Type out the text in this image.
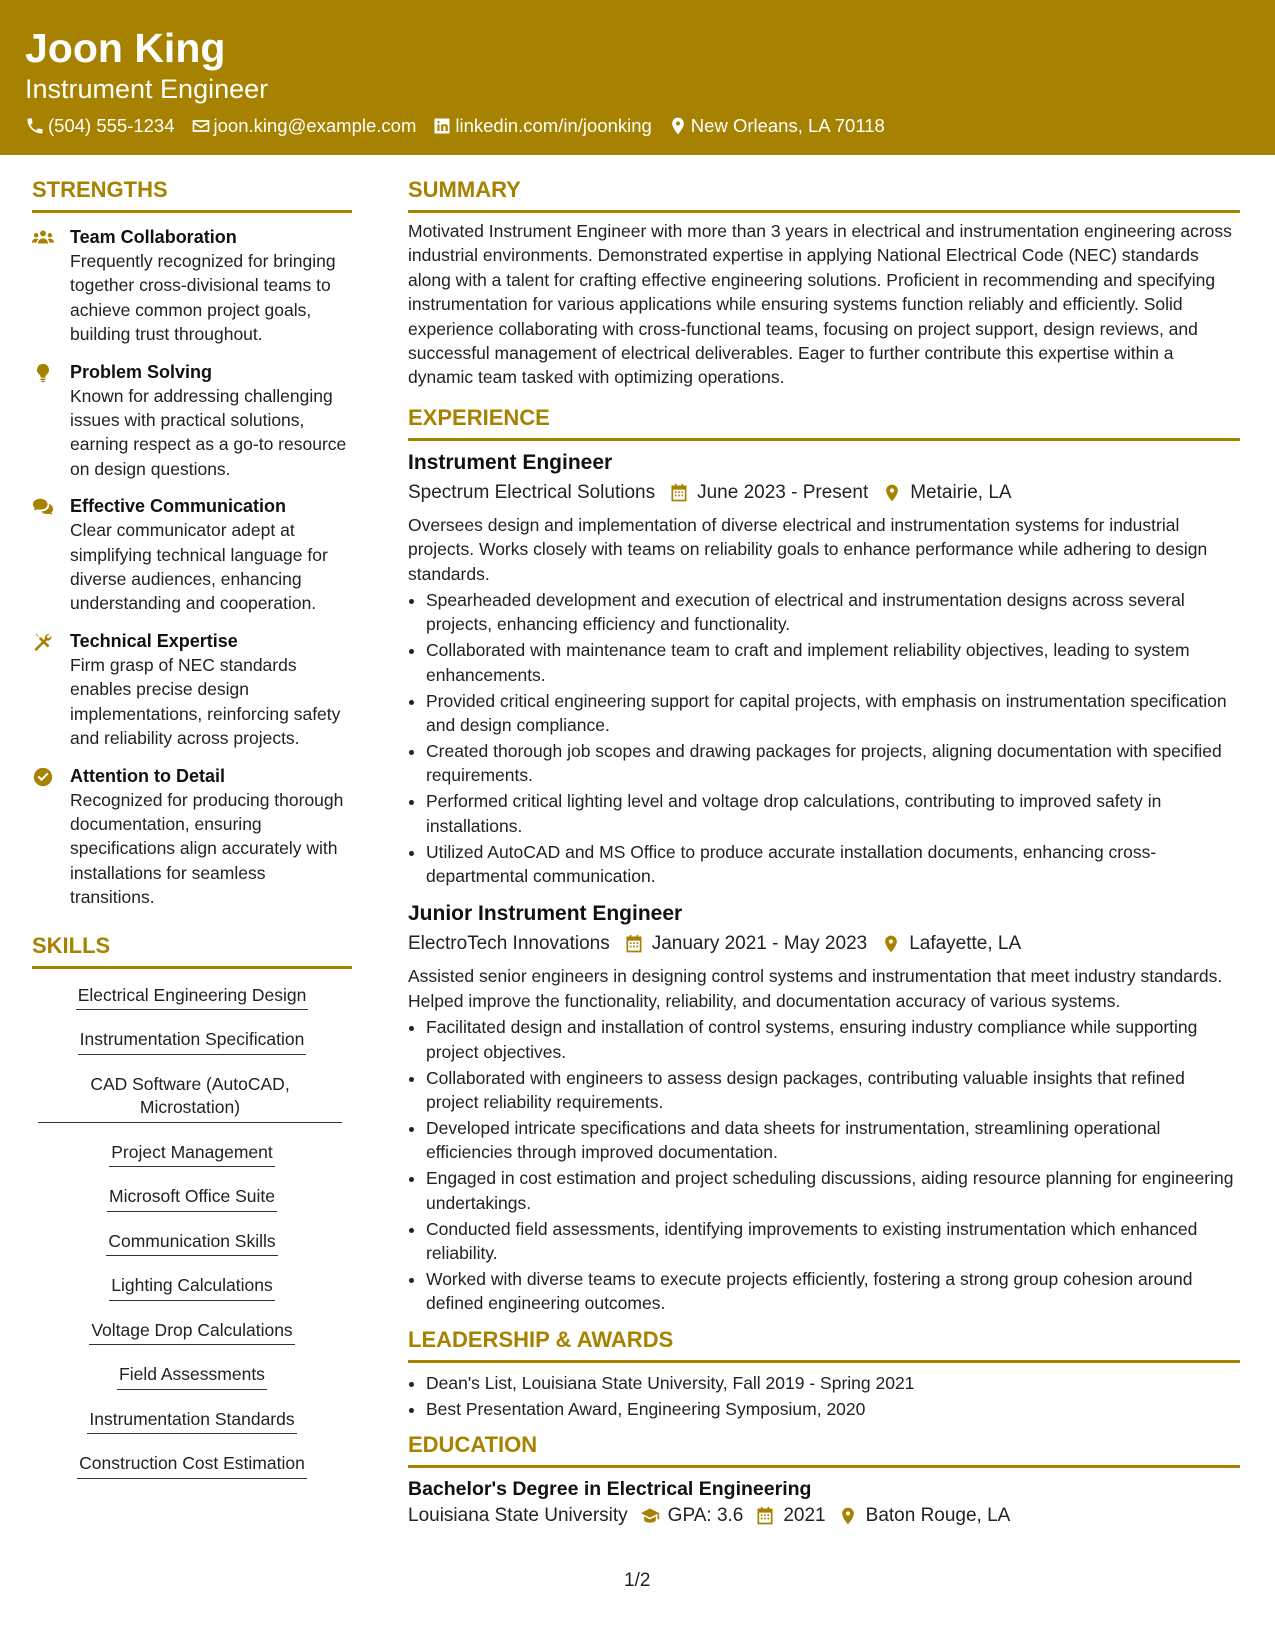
Joon King
Instrument Engineer
(504) 555-1234 joon.king@example.com linkedin.com/in/joonking New Orleans, LA 70118
STRENGTHS
Team Collaboration
Frequently recognized for bringing together cross-divisional teams to achieve common project goals, building trust throughout.
Problem Solving
Known for addressing challenging issues with practical solutions, earning respect as a go-to resource on design questions.
Effective Communication
Clear communicator adept at simplifying technical language for diverse audiences, enhancing understanding and cooperation.
Technical Expertise
Firm grasp of NEC standards enables precise design implementations, reinforcing safety and reliability across projects.
Attention to Detail
Recognized for producing thorough documentation, ensuring specifications align accurately with installations for seamless transitions.
SKILLS
Electrical Engineering Design
Instrumentation Specification
CAD Software (AutoCAD, Microstation)
Project Management
Microsoft Office Suite
Communication Skills
Lighting Calculations
Voltage Drop Calculations
Field Assessments
Instrumentation Standards
Construction Cost Estimation
SUMMARY
Motivated Instrument Engineer with more than 3 years in electrical and instrumentation engineering across industrial environments. Demonstrated expertise in applying National Electrical Code (NEC) standards along with a talent for crafting effective engineering solutions. Proficient in recommending and specifying instrumentation for various applications while ensuring systems function reliably and efficiently. Solid experience collaborating with cross-functional teams, focusing on project support, design reviews, and successful management of electrical deliverables. Eager to further contribute this expertise within a dynamic team tasked with optimizing operations.
EXPERIENCE
Instrument Engineer
Spectrum Electrical Solutions June 2023 - Present Metairie, LA
Oversees design and implementation of diverse electrical and instrumentation systems for industrial projects. Works closely with teams on reliability goals to enhance performance while adhering to design standards.
• Spearheaded development and execution of electrical and instrumentation designs across several projects, enhancing efficiency and functionality.
• Collaborated with maintenance team to craft and implement reliability objectives, leading to system enhancements.
• Provided critical engineering support for capital projects, with emphasis on instrumentation specification and design compliance.
• Created thorough job scopes and drawing packages for projects, aligning documentation with specified requirements.
• Performed critical lighting level and voltage drop calculations, contributing to improved safety in installations.
• Utilized AutoCAD and MS Office to produce accurate installation documents, enhancing cross-departmental communication.
Junior Instrument Engineer
ElectroTech Innovations January 2021 - May 2023 Lafayette, LA
Assisted senior engineers in designing control systems and instrumentation that meet industry standards. Helped improve the functionality, reliability, and documentation accuracy of various systems.
• Facilitated design and installation of control systems, ensuring industry compliance while supporting project objectives.
• Collaborated with engineers to assess design packages, contributing valuable insights that refined project reliability requirements.
• Developed intricate specifications and data sheets for instrumentation, streamlining operational efficiencies through improved documentation.
• Engaged in cost estimation and project scheduling discussions, aiding resource planning for engineering undertakings.
• Conducted field assessments, identifying improvements to existing instrumentation which enhanced reliability.
• Worked with diverse teams to execute projects efficiently, fostering a strong group cohesion around defined engineering outcomes.
LEADERSHIP & AWARDS
• Dean's List, Louisiana State University, Fall 2019 - Spring 2021
• Best Presentation Award, Engineering Symposium, 2020
EDUCATION
Bachelor's Degree in Electrical Engineering
Louisiana State University GPA: 3.6 2021 Baton Rouge, LA
1/2
